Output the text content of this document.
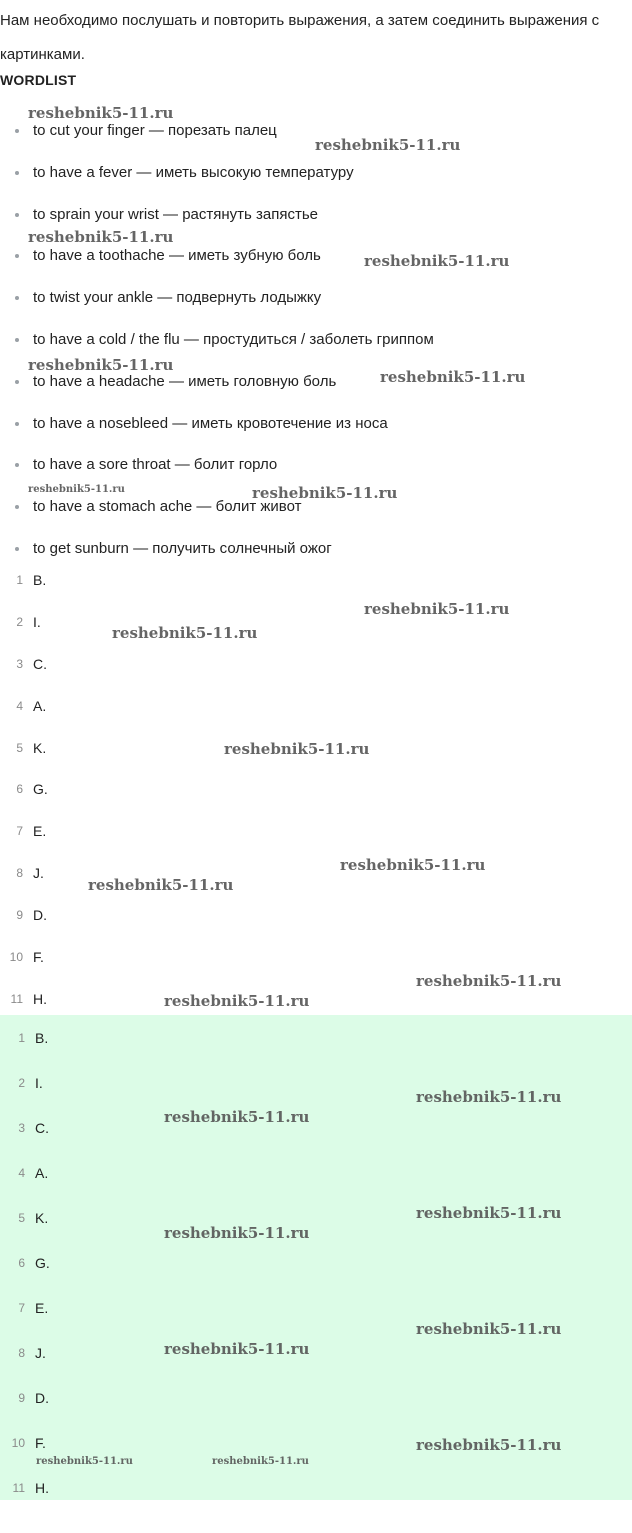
Нам необходимо послушать и повторить выражения, а затем соединить выражения с картинками.

WORDLIST
to cut your finger — порезать палец
to have a fever — иметь высокую температуру
to sprain your wrist — растянуть запястье
to have a toothache — иметь зубную боль
to twist your ankle — подвернуть лодыжку
to have a cold / the flu — простудиться / заболеть гриппом
to have a headache — иметь головную боль
to have a nosebleed — иметь кровотечение из носа
to have a sore throat — болит горло
to have a stomach ache — болит живот
to get sunburn — получить солнечный ожог
1 B.
2 I.
3 C.
4 A.
5 K.
6 G.
7 E.
8 J.
9 D.
10 F.
11 H.
1 B.
2 I.
3 C.
4 A.
5 K.
6 G.
7 E.
8 J.
9 D.
10 F.
11 H.
reshebnik5-11.ru
reshebnik5-11.ru
reshebnik5-11.ru
reshebnik5-11.ru
reshebnik5-11.ru
reshebnik5-11.ru
reshebnik5-11.ru	reshebnik5-11.ru
reshebnik5-11.ru
reshebnik5-11.ru
reshebnik5-11.ru
reshebnik5-11.ru
reshebnik5-11.ru
reshebnik5-11.ru
reshebnik5-11.ru
reshebnik5-11.ru
reshebnik5-11.ru
reshebnik5-11.ru
reshebnik5-11.ru
reshebnik5-11.ru
reshebnik5-11.ru
reshebnik5-11.ru
reshebnik5-11.ru	reshebnik5-11.ru
